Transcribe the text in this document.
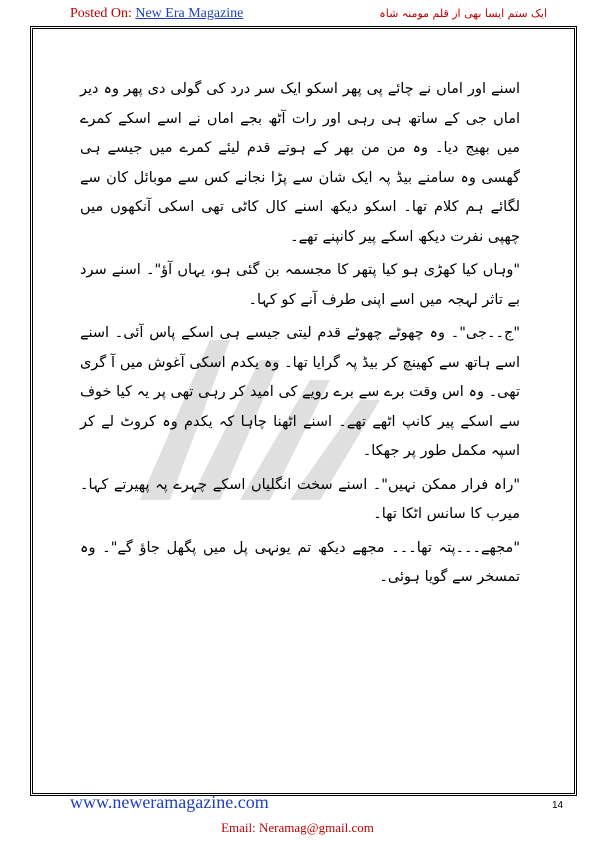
Posted On: New Era Magazine	ایک ستم ایسا بھی از قلم مومنہ شاہ

اسنے اور اماں نے چائے پی پھر اسکو ایک سر درد کی گولی دی پھر وہ دیر اماں جی کے ساتھ ہی رہی اور رات آٹھ بجے اماں نے اسے اسکے کمرے میں بھیج دیا۔ وہ من من بھر کے ہوتے قدم لیئے کمرے میں جیسے ہی گھسی وہ سامنے بیڈ پہ ایک شان سے پڑا نجانے کس سے موبائل کان سے لگائے ہم کلام تھا۔ اسکو دیکھ اسنے کال کاٹی تھی اسکی آنکھوں میں چھپی نفرت دیکھ اسکے پیر کانپنے تھے۔

"وہاں کیا کھڑی ہو کیا پتھر کا مجسمہ بن گئی ہو، یہاں آؤ"۔ اسنے سرد بے تاثر لہجہ میں اسے اپنی طرف آنے کو کہا۔

"ج۔۔جی"۔ وہ چھوٹے چھوٹے قدم لیتی جیسے ہی اسکے پاس آئی۔ اسنے اسے ہاتھ سے کھینچ کر بیڈ پہ گرایا تھا۔ وہ یکدم اسکی آغوش میں آ گری تھی۔ وہ اس وقت برے سے برے رویے کی امید کر رہی تھی پر یہ کیا خوف سے اسکے پیر کانپ اٹھے تھے۔ اسنے اٹھنا چاہا کہ یکدم وہ کروٹ لے کر اسپہ مکمل طور پر جھکا۔

"راہ فرار ممکن نہیں"۔ اسنے سخت انگلیاں اسکے چہرے پہ پھیرتے کہا۔ میرب کا سانس اٹکا تھا۔

"مجھے۔۔۔پتہ تھا۔۔۔ مجھے دیکھ تم یونہی پل میں پگھل جاؤ گے"۔ وہ تمسخر سے گویا ہوئی۔

www.neweramagazine.com	14
Email: Neramag@gmail.com
